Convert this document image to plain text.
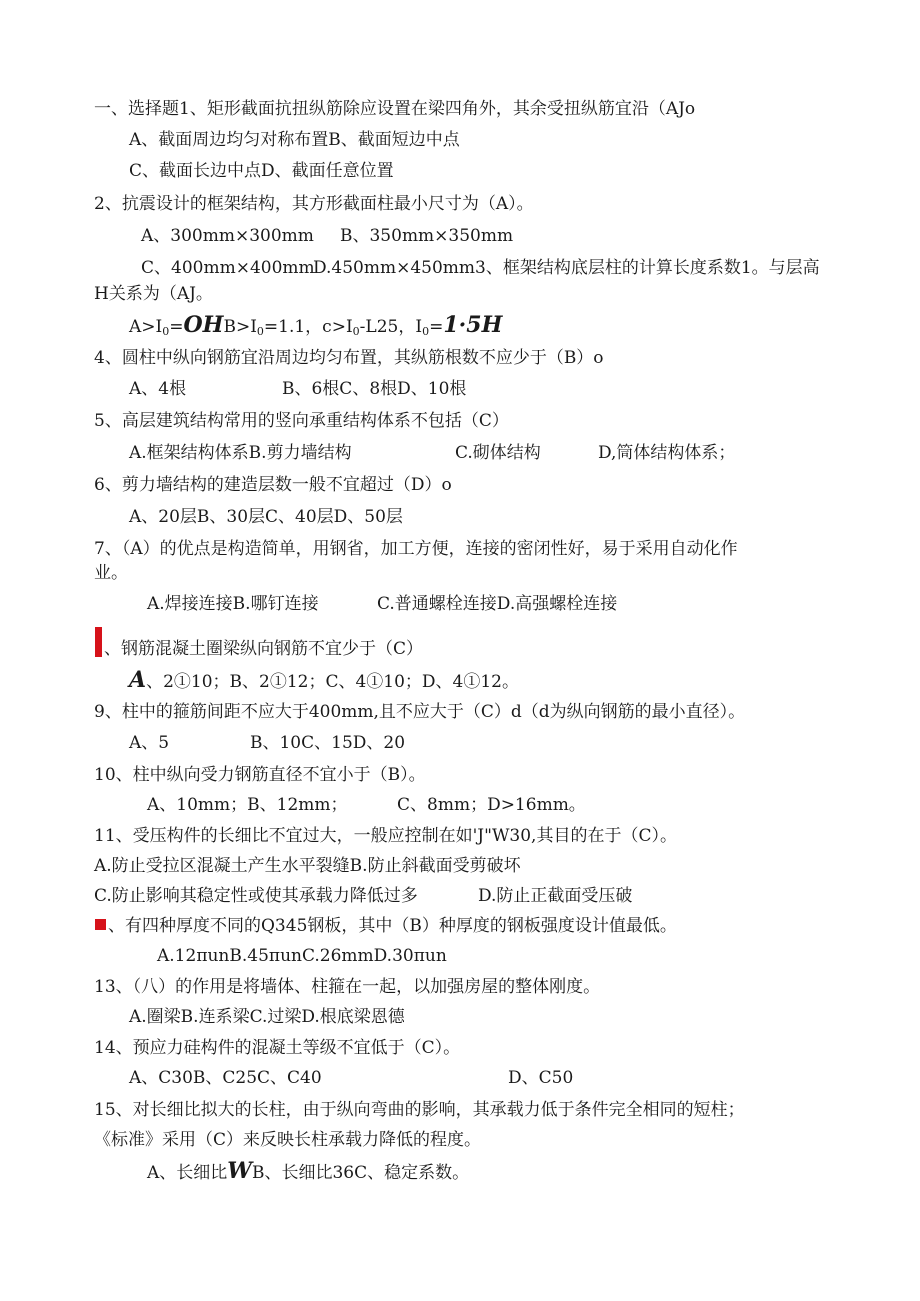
一、选择题1、矩形截面抗扭纵筋除应设置在梁四角外，其余受扭纵筋宜沿（AJo
A、截面周边均匀对称布置B、截面短边中点
C、截面长边中点D、截面任意位置
2、抗震设计的框架结构，其方形截面柱最小尺寸为（A）。
A、300mm×300mm B、350mm×350mm
C、400mm×400mm
D.450mm×450mm3、框架结构底层柱的计算长度系数1。与层高
H关系为（AJ。
$A>I_0=OHB>I_0=1.1$，$c>I_0-L25$，$I_0=1\cdot 5H$
4、圆柱中纵向钢筋宜沿周边均匀布置，其纵筋根数不应少于（B）o
A、4根	B、6根C、8根D、10根
5、高层建筑结构常用的竖向承重结构体系不包括（C）
A.框架结构体系B.剪力墙结构	C.砌体结构	D,筒体结构体系；
6、剪力墙结构的建造层数一般不宜超过（D）o
A、20层B、30层C、40层D、50层
7、（A）的优点是构造简单，用钢省，加工方便，连接的密闭性好，易于采用自动化作
业。
A.焊接连接B.哪钉连接	C.普通螺栓连接D.高强螺栓连接
、钢筋混凝土圈梁纵向钢筋不宜少于（C）
A、2①10；B、2①12；C、4①10；D、4①12。
9、柱中的箍筋间距不应大于400mm,且不应大于（C）d（d为纵向钢筋的最小直径）。
A、5	B、10C、15D、20
10、柱中纵向受力钢筋直径不宜小于（B）。
A、10mm；B、12mm；	C、8mm；D>16mm。
11、受压构件的长细比不宜过大，一般应控制在如'J"W30,其目的在于（C）。
A.防止受拉区混凝土产生水平裂缝B.防止斜截面受剪破坏
C.防止影响其稳定性或使其承载力降低过多	D.防止正截面受压破
、有四种厚度不同的Q345钢板，其中（B）种厚度的钢板强度设计值最低。
A.12πunB.45πunC.26mmD.30πun
13、（八）的作用是将墙体、柱箍在一起，以加强房屋的整体刚度。
A.圈梁B.连系梁C.过梁D.根底梁恩德
14、预应力硅构件的混凝土等级不宜低于（C）。
A、C30B、C25C、C40	D、C50
15、对长细比拟大的长柱，由于纵向弯曲的影响，其承载力低于条件完全相同的短柱；
《标准》采用（C）来反映长柱承载力降低的程度。
A、长细比WB、长细比36C、稳定系数。
